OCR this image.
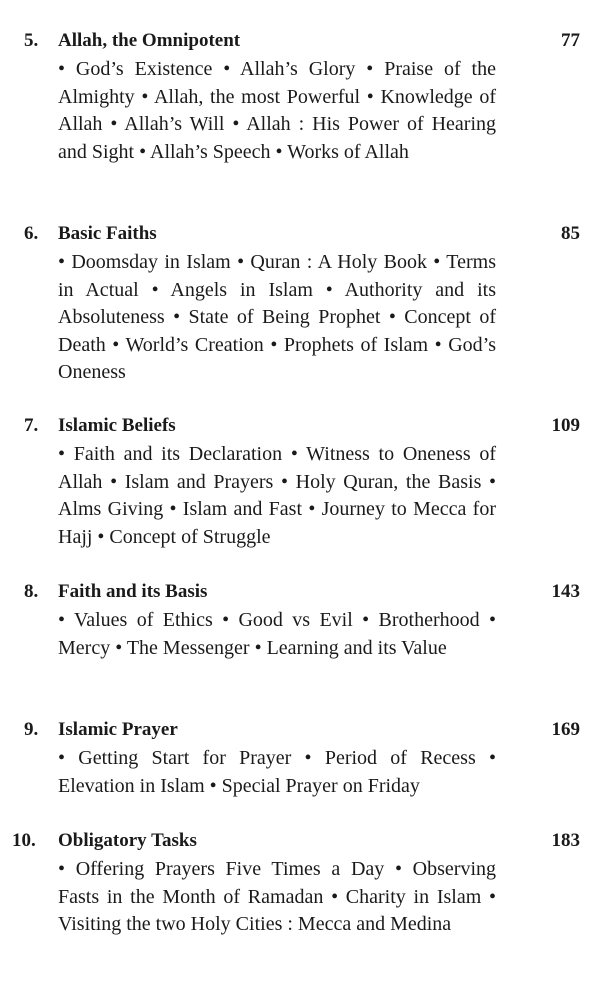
5.	Allah, the Omnipotent	77
• God’s Existence • Allah’s Glory • Praise of the Almighty • Allah, the most Powerful • Knowledge of Allah • Allah’s Will • Allah : His Power of Hearing and Sight • Allah’s Speech • Works of Allah
6.	Basic Faiths	85
• Doomsday in Islam • Quran : A Holy Book • Terms in Actual • Angels in Islam • Authority and its Absoluteness • State of Being Prophet • Concept of Death • World’s Creation • Prophets of Islam • God’s Oneness
7.	Islamic Beliefs	109
• Faith and its Declaration • Witness to Oneness of Allah • Islam and Prayers • Holy Quran, the Basis • Alms Giving • Islam and Fast • Journey to Mecca for Hajj • Concept of Struggle
8.	Faith and its Basis	143
• Values of Ethics • Good vs Evil • Brotherhood • Mercy • The Messenger • Learning and its Value
9.	Islamic Prayer	169
• Getting Start for Prayer • Period of Recess • Elevation in Islam • Special Prayer on Friday
10.	Obligatory Tasks	183
• Offering Prayers Five Times a Day • Observing Fasts in the Month of Ramadan • Charity in Islam • Visiting the two Holy Cities : Mecca and Medina
